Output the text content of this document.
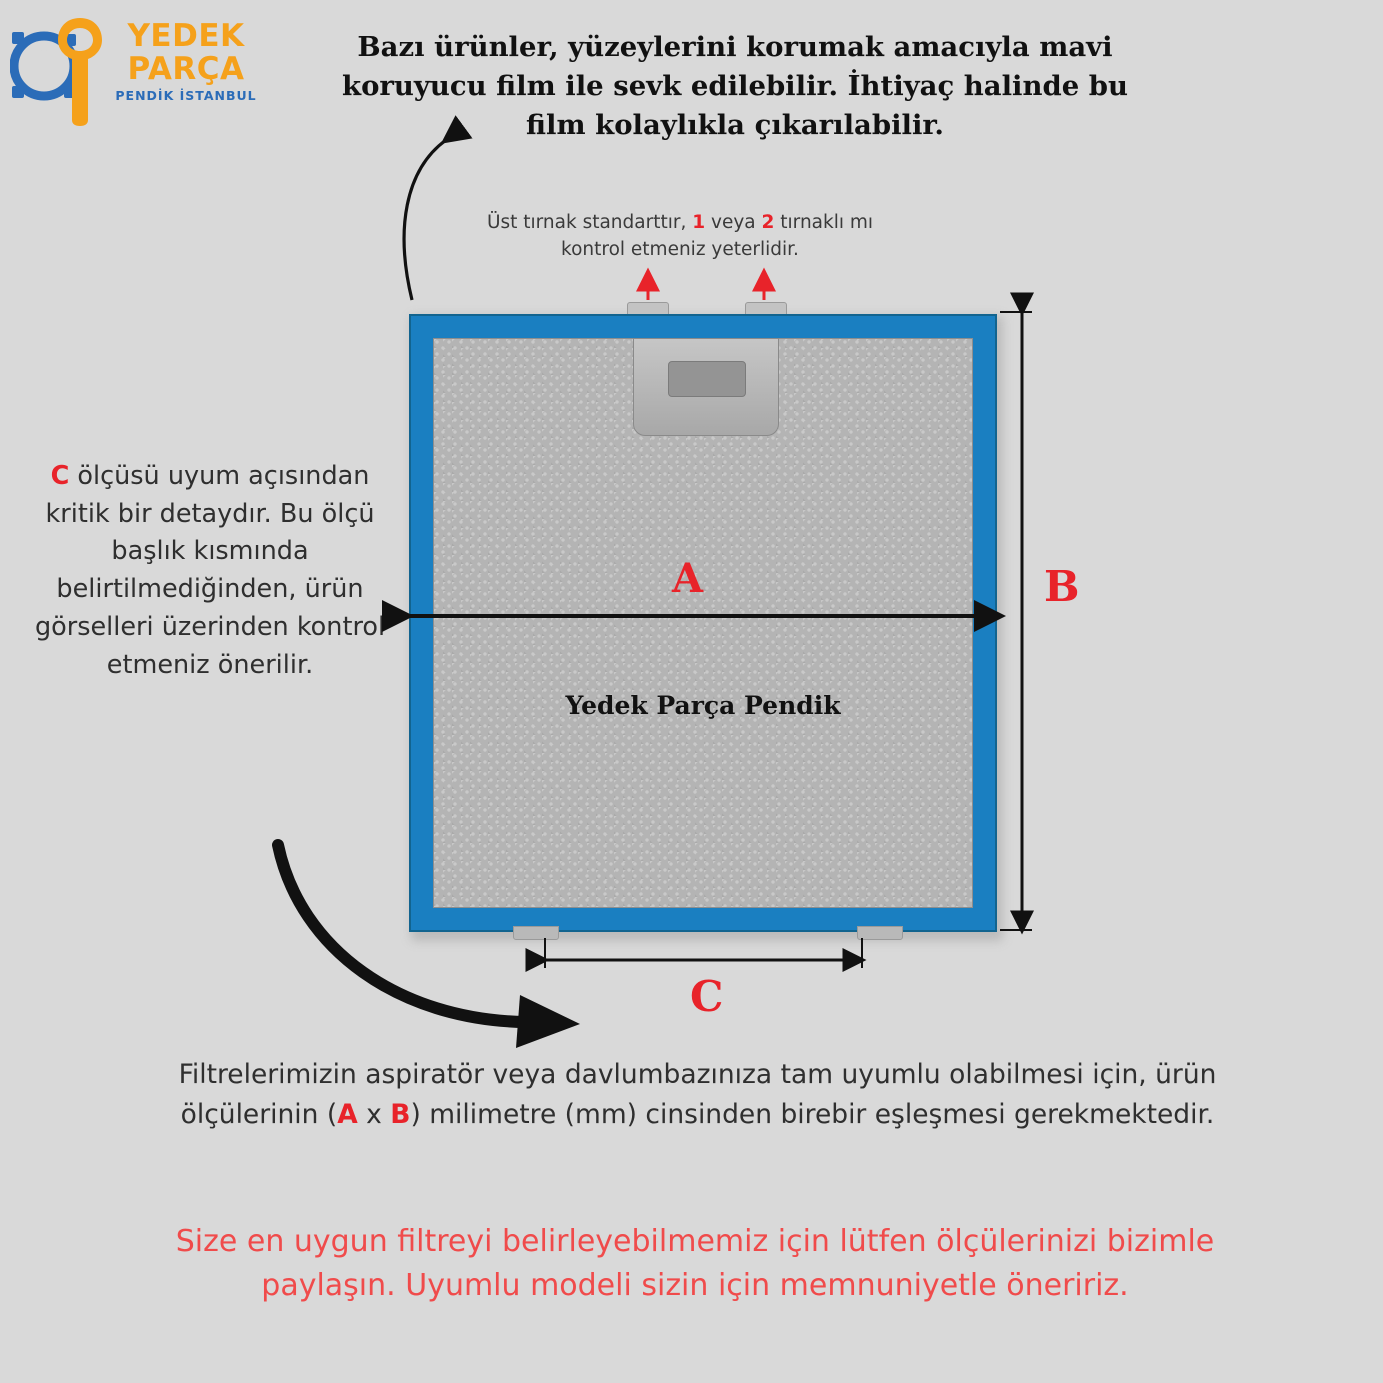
YEDEK
PARÇA
PENDİK İSTANBUL
Bazı ürünler, yüzeylerini korumak amacıyla mavi koruyucu film ile sevk edilebilir. İhtiyaç halinde bu film kolaylıkla çıkarılabilir.
Üst tırnak standarttır, 1 veya 2 tırnaklı mı kontrol etmeniz yeterlidir.
C ölçüsü uyum açısından kritik bir detaydır. Bu ölçü başlık kısmında belirtilmediğinden, ürün görselleri üzerinden kontrol etmeniz önerilir.
Yedek Parça Pendik
A	B
C
Filtrelerimizin aspiratör veya davlumbazınıza tam uyumlu olabilmesi için, ürün ölçülerinin (A x B) milimetre (mm) cinsinden birebir eşleşmesi gerekmektedir.
Size en uygun filtreyi belirleyebilmemiz için lütfen ölçülerinizi bizimle paylaşın. Uyumlu modeli sizin için memnuniyetle öneririz.
